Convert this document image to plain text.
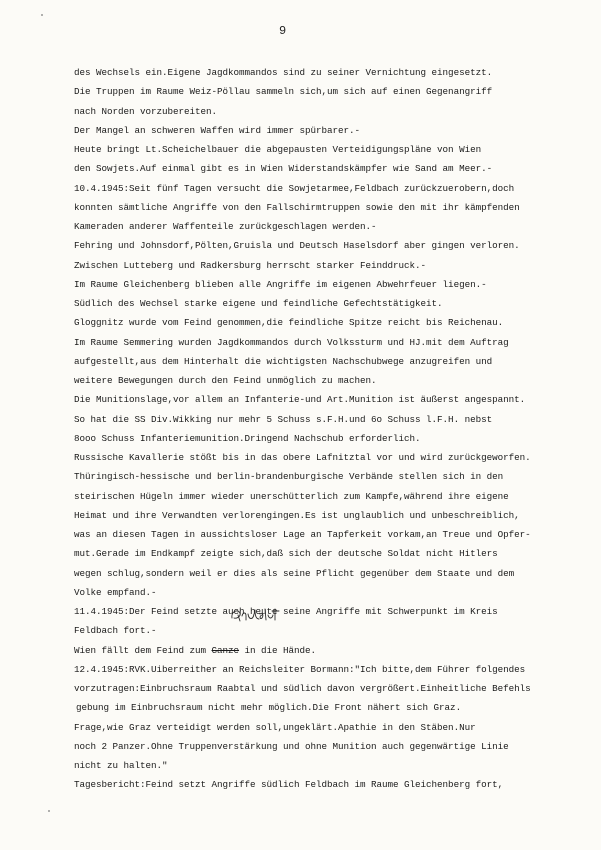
9
des Wechsels ein.Eigene Jagdkommandos sind zu seiner Vernichtung eingesetzt.
Die Truppen im Raume Weiz-Pöllau sammeln sich,um sich auf einen Gegenangriff
nach Norden vorzubereiten.
Der Mangel an schweren Waffen wird immer spürbarer.-
Heute bringt Lt.Scheichelbauer die abgepausten Verteidigungspläne von Wien
den Sowjets.Auf einmal gibt es in Wien Widerstandskämpfer wie Sand am Meer.-
10.4.1945:Seit fünf Tagen versucht die Sowjetarmee,Feldbach zurückzuerobern,doch
konnten sämtliche Angriffe von den Fallschirmtruppen sowie den mit ihr kämpfenden
Kameraden anderer Waffenteile zurückgeschlagen werden.-
Fehring und Johnsdorf,Pölten,Gruisla und Deutsch Haselsdorf aber gingen verloren.
Zwischen Lutteberg und Radkersburg herrscht starker Feinddruck.-
Im Raume Gleichenberg blieben alle Angriffe im eigenen Abwehrfeuer liegen.-
Südlich des Wechsel starke eigene und feindliche Gefechtstätigkeit.
Gloggnitz wurde vom Feind genommen,die feindliche Spitze reicht bis Reichenau.
Im Raume Semmering wurden Jagdkommandos durch Volkssturm und HJ.mit dem Auftrag
aufgestellt,aus dem Hinterhalt die wichtigsten Nachschubwege anzugreifen und
weitere Bewegungen durch den Feind unmöglich zu machen.
Die Munitionslage,vor allem an Infanterie-und Art.Munition ist äußerst angespannt.
So hat die SS Div.Wikking nur mehr 5 Schuss s.F.H.und 6o Schuss l.F.H. nebst
8ooo Schuss Infanteriemunition.Dringend Nachschub erforderlich.
Russische Kavallerie stößt bis in das obere Lafnitztal vor und wird zurückgeworfen.
Thüringisch-hessische und berlin-brandenburgische Verbände stellen sich in den
steirischen Hügeln immer wieder unerschütterlich zum Kampfe,während ihre eigene
Heimat und ihre Verwandten verlorengingen.Es ist unglaublich und unbeschreiblich,
was an diesen Tagen in aussichtsloser Lage an Tapferkeit vorkam,an Treue und Opfer-
mut.Gerade im Endkampf zeigte sich,daß sich der deutsche Soldat nicht Hitlers
wegen schlug,sondern weil er dies als seine Pflicht gegenüber dem Staate und dem
Volke empfand.-
11.4.1945:Der Feind setzte auch heute seine Angriffe mit Schwerpunkt im Kreis
Feldbach fort.-
Wien fällt dem Feind zum Ganze in die Hände.
12.4.1945:RVK.Uiberreither an Reichsleiter Bormann:"Ich bitte,dem Führer folgendes
vorzutragen:Einbruchsraum Raabtal und südlich davon vergrößert.Einheitliche Befehls
gebung im Einbruchsraum nicht mehr möglich.Die Front nähert sich Graz.
Frage,wie Graz verteidigt werden soll,ungeklärt.Apathie in den Stäben.Nur
noch 2 Panzer.Ohne Truppenverstärkung und ohne Munition auch gegenwärtige Linie
nicht zu halten."
Tagesbericht:Feind setzt Angriffe südlich Feldbach im Raume Gleichenberg fort,
